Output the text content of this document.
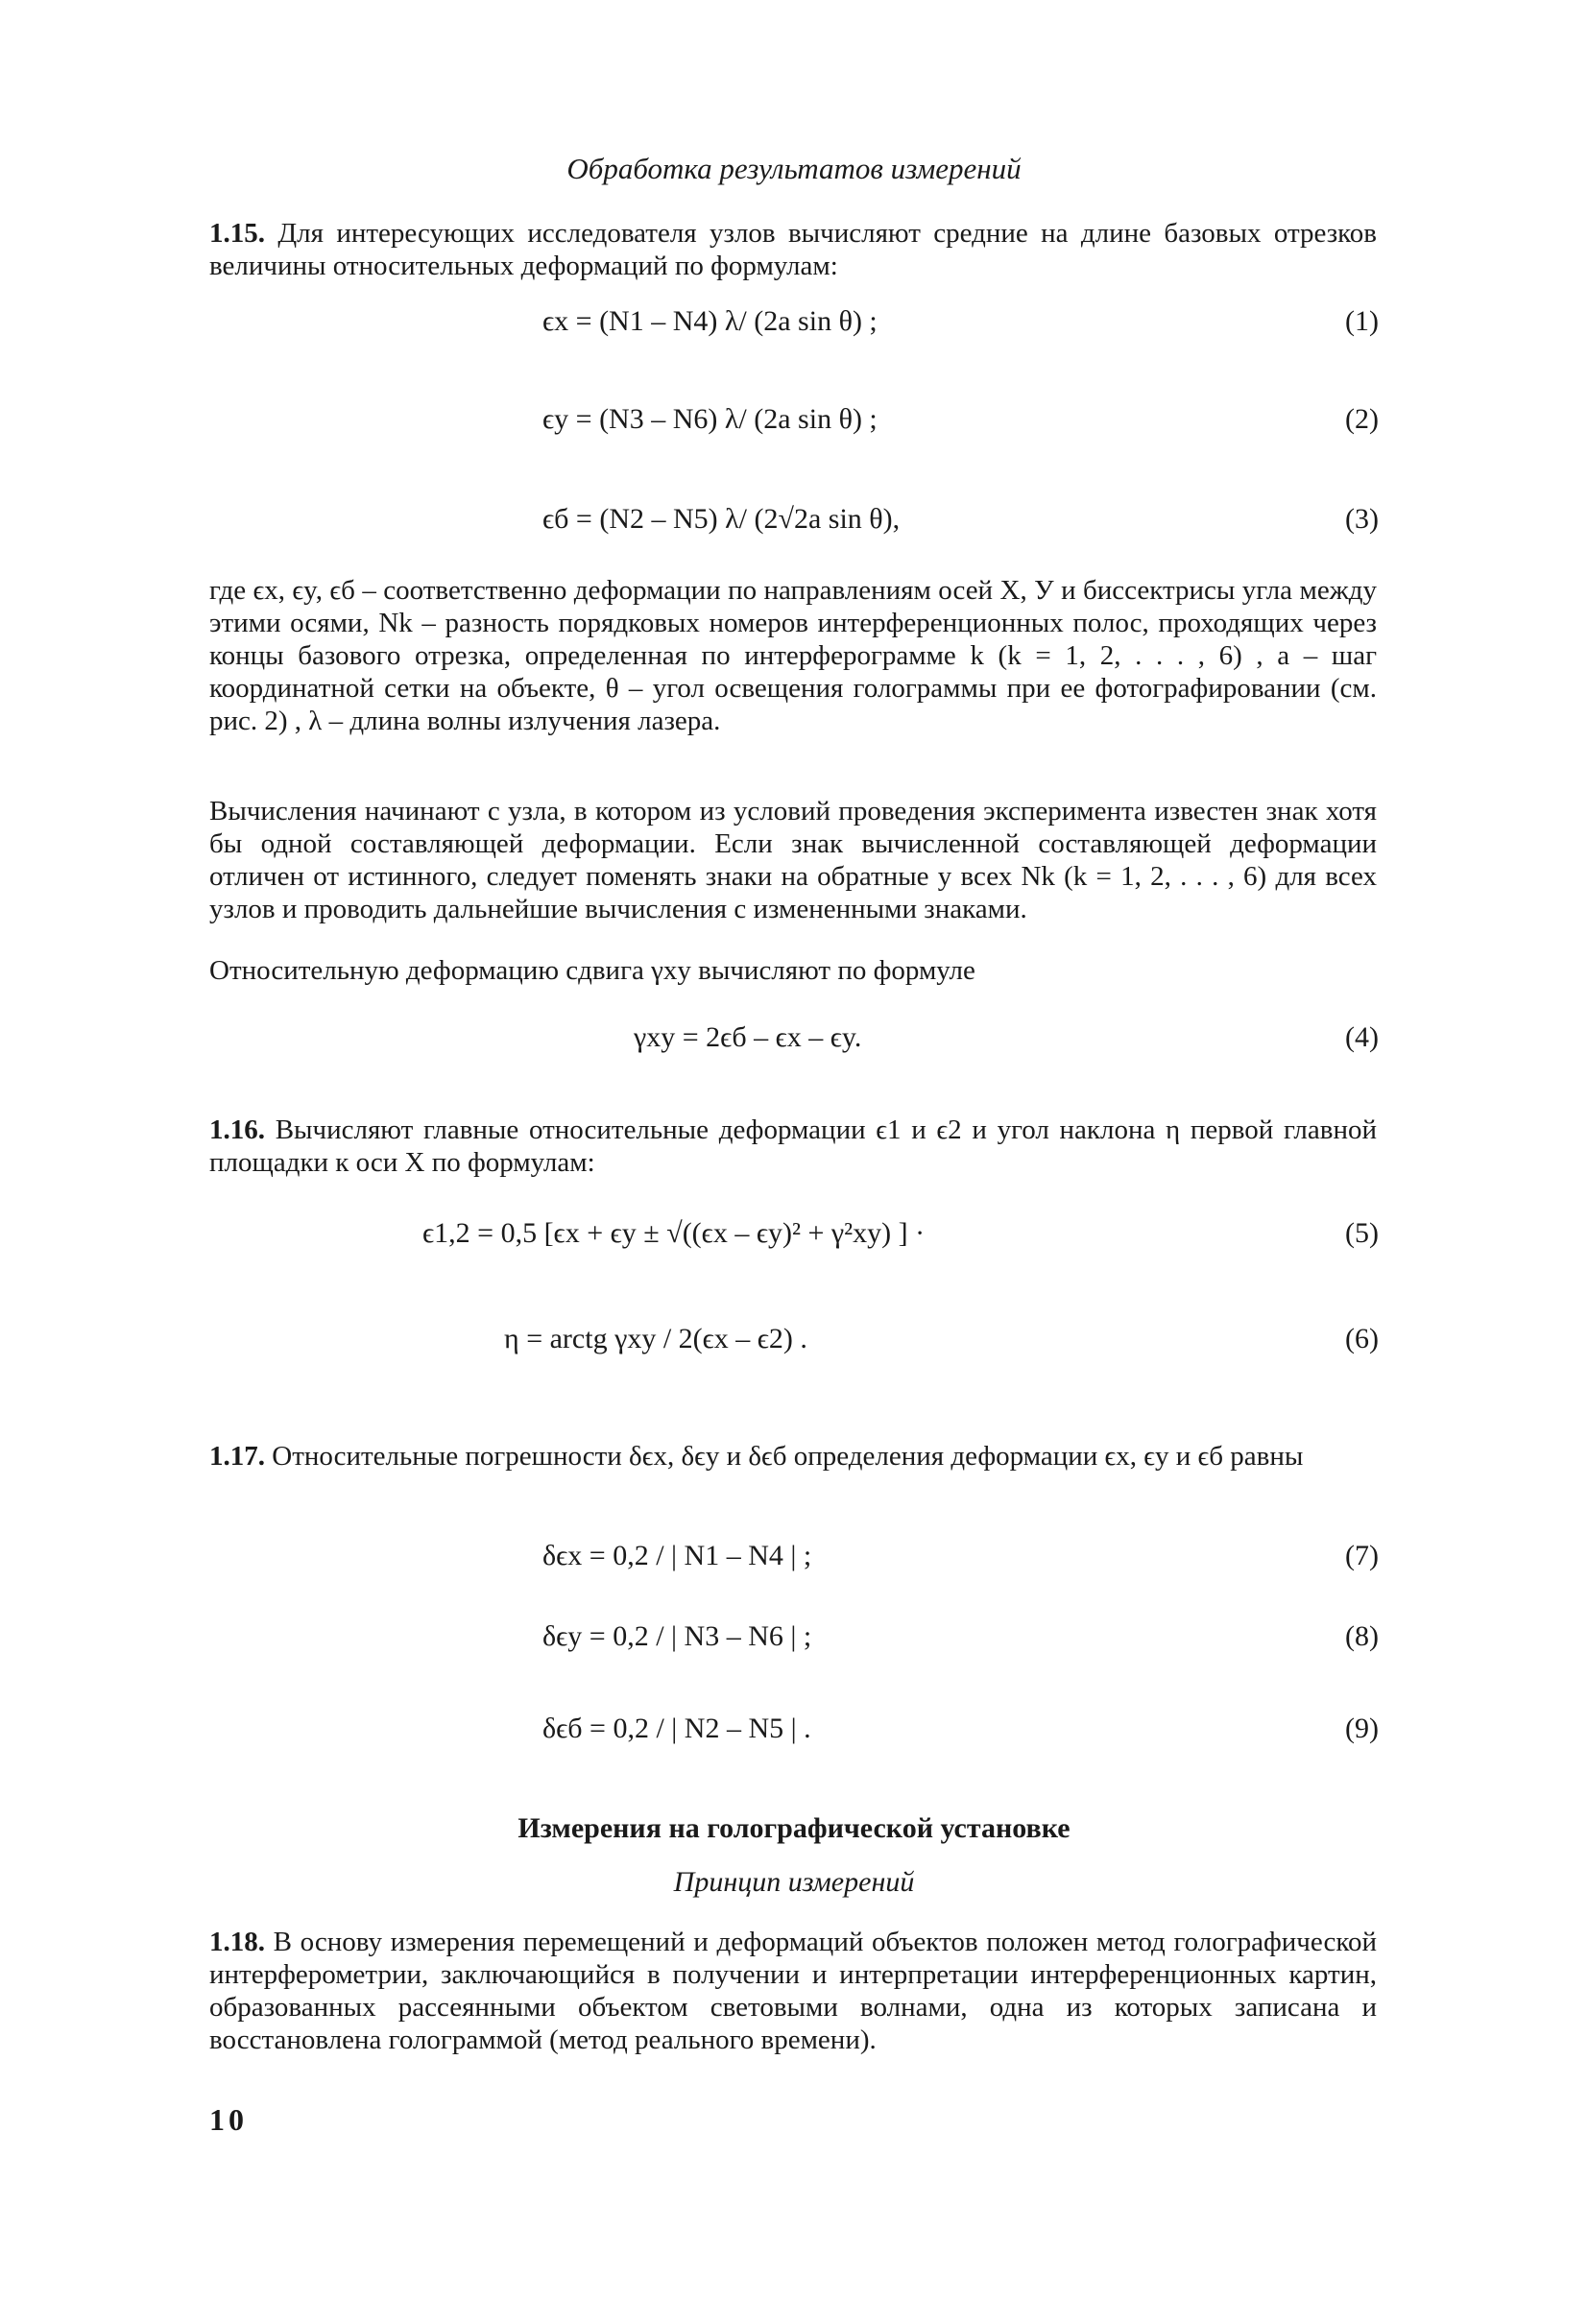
Обработка результатов измерений
1.15. Для интересующих исследователя узлов вычисляют средние на длине базовых отрезков величины относительных деформаций по формулам:
ϵx = (N1 – N4) λ/ (2a sin θ) ;	(1)
ϵy = (N3 – N6) λ/ (2a sin θ) ;	(2)
ϵб = (N2 – N5) λ/ (2√2a sin θ),	(3)
где ϵx, ϵy, ϵб – соответственно деформации по направлениям осей X, У и биссектрисы угла между этими осями, Nk – разность порядковых номеров интерференционных полос, проходящих через концы базового отрезка, определенная по интерферограмме k (k = 1, 2, . . . , 6) , a – шаг координатной сетки на объекте, θ – угол освещения голограммы при ее фотографировании (см. рис. 2) , λ – длина волны излучения лазера.
Вычисления начинают с узла, в котором из условий проведения эксперимента известен знак хотя бы одной составляющей деформации. Если знак вычисленной составляющей деформации отличен от истинного, следует поменять знаки на обратные у всех Nk (k = 1, 2, . . . , 6) для всех узлов и проводить дальнейшие вычисления с измененными знаками.
Относительную деформацию сдвига γxy вычисляют по формуле
γxy = 2ϵб – ϵx – ϵy.	(4)
1.16. Вычисляют главные относительные деформации ϵ1 и ϵ2 и угол наклона η первой главной площадки к оси X по формулам:
ϵ1,2 = 0,5 [ϵx + ϵy ± √((ϵx – ϵy)² + γ²xy) ] ·	(5)
η = arctg γxy / 2(ϵx – ϵ2) .	(6)
1.17. Относительные погрешности δϵx, δϵy и δϵб определения деформации ϵx, ϵy и ϵб равны
δϵx = 0,2 / | N1 – N4 | ;	(7)
δϵy = 0,2 / | N3 – N6 | ;	(8)
δϵб = 0,2 / | N2 – N5 | .	(9)
Измерения на голографической установке
Принцип измерений
1.18. В основу измерения перемещений и деформаций объектов положен метод голографической интерферометрии, заключающийся в получении и интерпретации интерференционных картин, образованных рассеянными объектом световыми волнами, одна из которых записана и восстановлена голограммой (метод реального времени).
10
